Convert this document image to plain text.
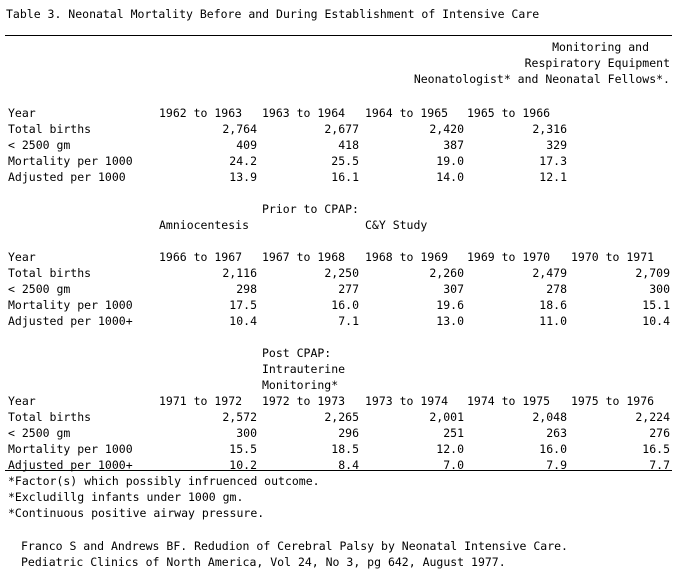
Table 3. Neonatal Mortality Before and During Establishment of Intensive Care
Monitoring and
Respiratory Equipment
Neonatologist* and Neonatal Fellows*.
Year	1962 to 1963 1963 to 1964 1964 to 1965 1965 to 1966
Total births	2,764	2,677	2,420	2,316
< 2500 gm	409	418	387	329
Mortality per 1000	24.2	25.5	19.0	17.3
Adjusted per 1000	13.9	16.1	14.0	12.1
Prior to CPAP:
Amniocentesis	C&Y Study
Year	1966 to 1967 1967 to 1968 1968 to 1969 1969 to 1970 1970 to 1971
Total births	2,116	2,250	2,260	2,479	2,709
< 2500 gm	298	277	307	278	300
Mortality per 1000	17.5	16.0	19.6	18.6	15.1
Adjusted per 1000+	10.4	7.1	13.0	11.0	10.4
Post CPAP:
Intrauterine
Monitoring*
Year	1971 to 1972 1972 to 1973 1973 to 1974 1974 to 1975 1975 to 1976
Total births	2,572	2,265	2,001	2,048	2,224
< 2500 gm	300	296	251	263	276
Mortality per 1000	15.5	18.5	12.0	16.0	16.5
Adjusted per 1000+	10.2	8.4	7.0	7.9	7.7
*Factor(s) which possibly infruenced outcome.
*Excludillg infants under 1000 gm.
*Continuous positive airway pressure.
Franco S and Andrews BF. Redudion of Cerebral Palsy by Neonatal Intensive Care.
Pediatric Clinics of North America, Vol 24, No 3, pg 642, August 1977.
